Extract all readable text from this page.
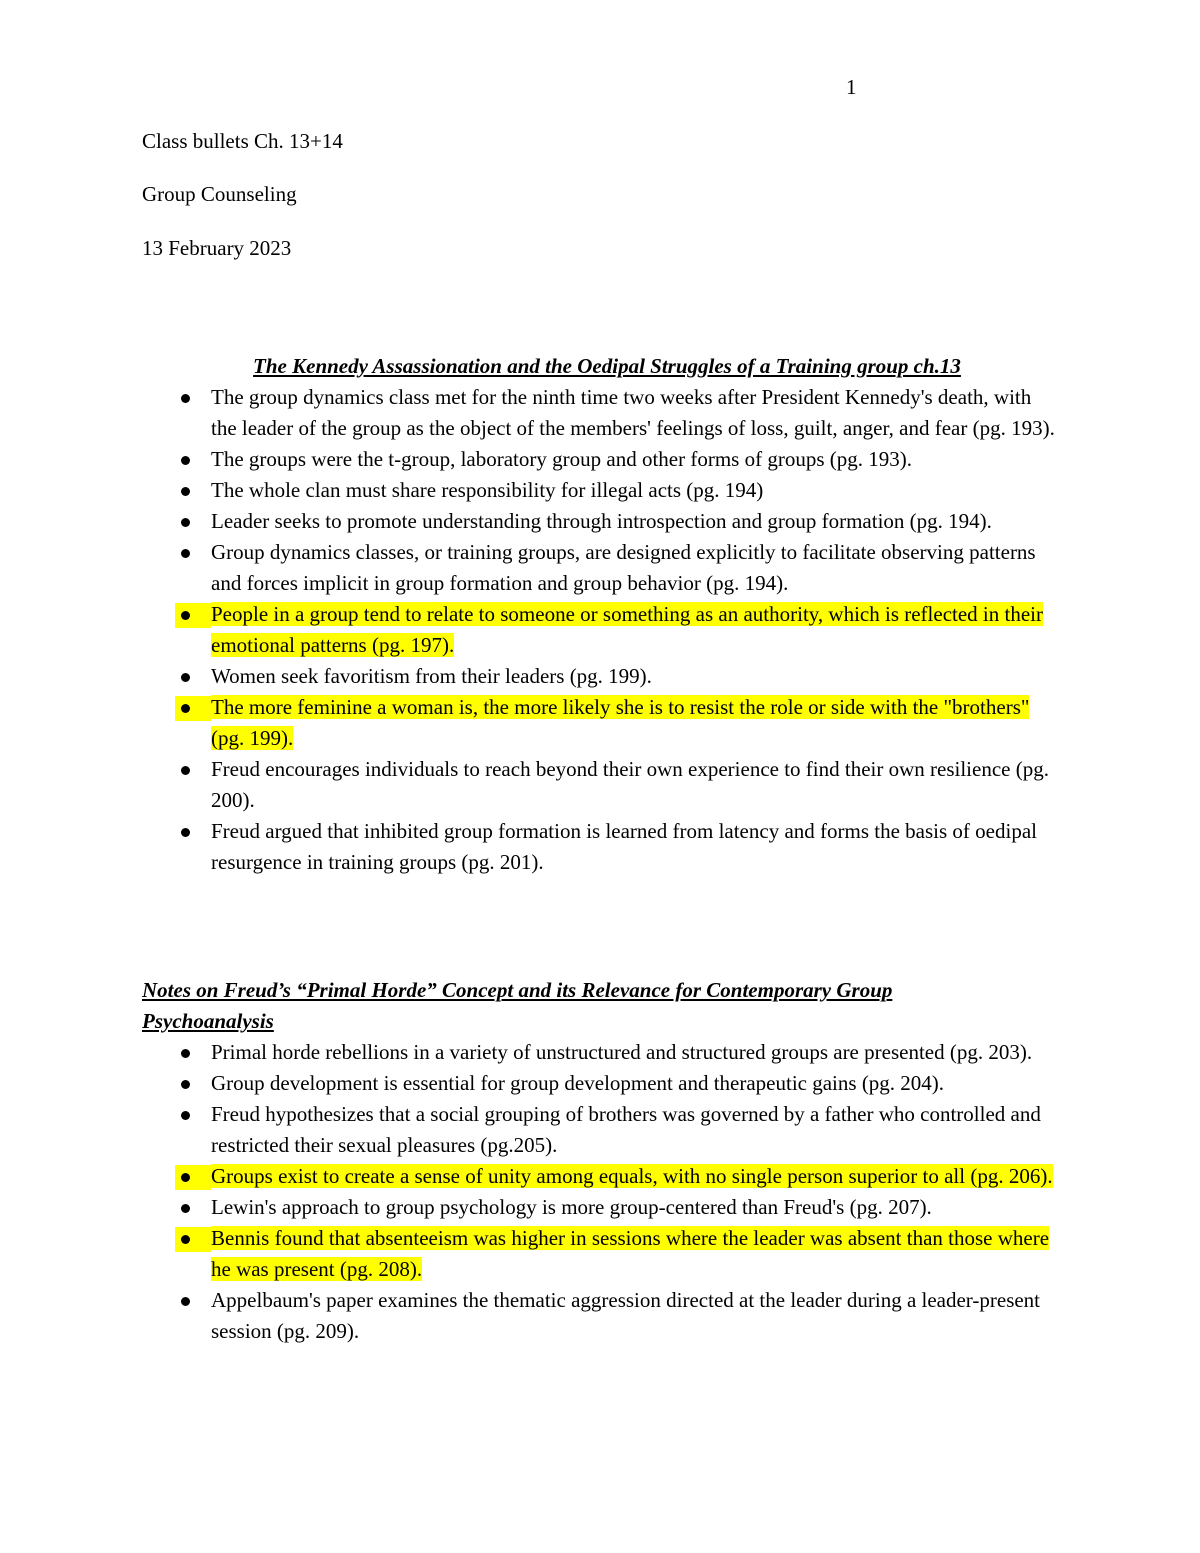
1
Class bullets Ch. 13+14
Group Counseling
13 February 2023

The Kennedy Assassionation and the Oedipal Struggles of a Training group ch.13

The group dynamics class met for the ninth time two weeks after President Kennedy's death, with the leader of the group as the object of the members' feelings of loss, guilt, anger, and fear (pg. 193).
The groups were the t-group, laboratory group and other forms of groups (pg. 193).
The whole clan must share responsibility for illegal acts (pg. 194)
Leader seeks to promote understanding through introspection and group formation (pg. 194).
Group dynamics classes, or training groups, are designed explicitly to facilitate observing patterns and forces implicit in group formation and group behavior (pg. 194).
People in a group tend to relate to someone or something as an authority, which is reflected in their emotional patterns (pg. 197).
Women seek favoritism from their leaders (pg. 199).
The more feminine a woman is, the more likely she is to resist the role or side with the "brothers" (pg. 199).
Freud encourages individuals to reach beyond their own experience to find their own resilience (pg. 200).
Freud argued that inhibited group formation is learned from latency and forms the basis of oedipal resurgence in training groups (pg. 201).

Notes on Freud’s “Primal Horde” Concept and its Relevance for Contemporary Group Psychoanalysis

Primal horde rebellions in a variety of unstructured and structured groups are presented (pg. 203).
Group development is essential for group development and therapeutic gains (pg. 204).
Freud hypothesizes that a social grouping of brothers was governed by a father who controlled and restricted their sexual pleasures (pg.205).
Groups exist to create a sense of unity among equals, with no single person superior to all (pg. 206).
Lewin's approach to group psychology is more group-centered than Freud's (pg. 207).
Bennis found that absenteeism was higher in sessions where the leader was absent than those where he was present (pg. 208).
Appelbaum's paper examines the thematic aggression directed at the leader during a leader-present session (pg. 209).
